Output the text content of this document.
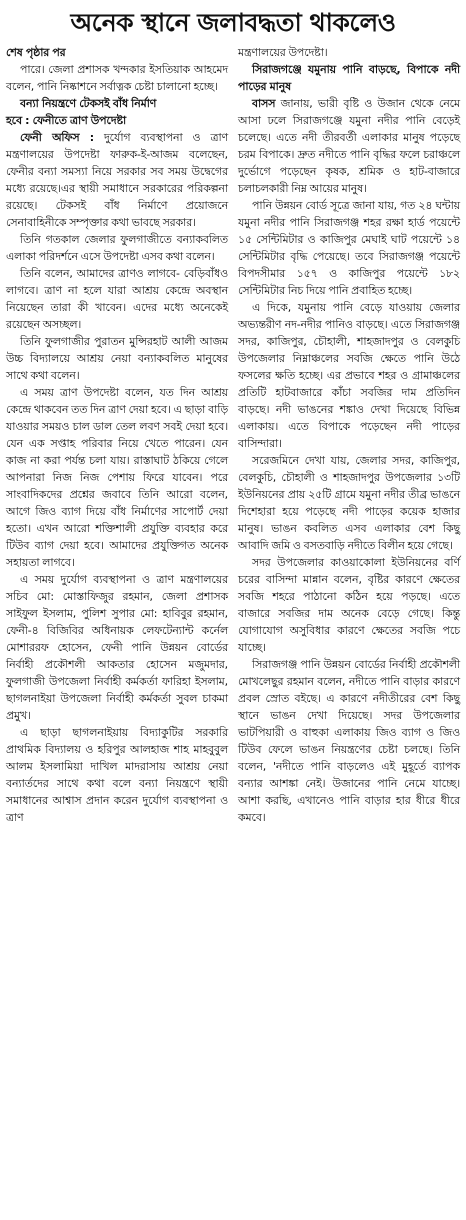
অনেক স্থানে জলাবদ্ধতা থাকলেও

শেষ পৃষ্ঠার পর

পারে। জেলা প্রশাসক খন্দকার ইসতিয়াক আহমেদ বলেন, পানি নিষ্কাশনে সর্বাত্নক চেষ্টা চালানো হচ্ছে।

বন্যা নিয়ন্ত্রণে টেকসই বাঁধ নির্মাণ

হবে : ফেনীতে ত্রাণ উপদেষ্টা

ফেনী অফিস : দুর্যোগ ব্যবস্থাপনা ও ত্রাণ মন্ত্রণালয়ের উপদেষ্টা ফারুক-ই-আজম বলেছেন, ফেনীর বন্যা সমস্যা নিয়ে সরকার সব সময় উদ্বেগের মধ্যে রয়েছে।এর স্থায়ী সমাধানে সরকারের পরিকল্পনা রয়েছে। টেকসই বাঁধ নির্মাণে প্রয়োজনে সেনাবাহিনীকে সম্পৃক্তার কথা ভাবছে সরকার।

তিনি গতকাল জেলার ফুলগাজীতে বন্যাকবলিত এলাকা পরিদর্শনে এসে উপদেষ্টা এসব কথা বলেন।

তিনি বলেন, আমাদের ত্রাণও লাগবে- বেড়িবাঁধও লাগবে। ত্রাণ না হলে যারা আশ্রয় কেন্দ্রে অবস্থান নিয়েছেন তারা কী খাবেন। এদের মধ্যে অনেকেই রয়েছেন অসচ্ছল।

তিনি ফুলগাজীর পুরাতন মুন্সিরহাট আলী আজম উচ্চ বিদ্যালয়ে আশ্রয় নেয়া বন্যাকবলিত মানুষের সাথে কথা বলেন।

এ সময় ত্রাণ উপদেষ্টা বলেন, যত দিন আশ্রয় কেন্দ্রে থাকবেন তত দিন ত্রাণ দেয়া হবে। এ ছাড়া বাড়ি যাওয়ার সময়ও চাল ডাল তেল লবণ সবই দেয়া হবে। যেন এক সপ্তাহ পরিবার নিয়ে খেতে পারেন। যেন কাজ না করা পর্যন্ত চলা যায়। রাস্তাঘাট ঠকিয়ে গেলে আপনারা নিজ নিজ পেশায় ফিরে যাবেন। পরে সাংবাদিকদের প্রশ্নের জবাবে তিনি আরো বলেন, আগে জিও ব্যাগ দিয়ে বাঁধ নির্মাণের সাপোর্ট দেয়া হতো। এখন আরো শক্তিশালী প্রযুক্তি ব্যবহার করে টিউব ব্যাগ দেয়া হবে। আমাদের প্রযুক্তিগত অনেক সহায়তা লাগবে।

এ সময় দুর্যোগ ব্যবস্থাপনা ও ত্রাণ মন্ত্রণালয়ের সচিব মো: মোস্তাফিজুর রহমান, জেলা প্রশাসক সাইফুল ইসলাম, পুলিশ সুপার মো: হাবিবুর রহমান, ফেনী-৪ বিজিবির অধিনায়ক লেফটেন্যান্ট কর্নেল মোশাররফ হোসেন, ফেনী পানি উন্নয়ন বোর্ডের নির্বাহী প্রকৌশলী আকতার হোসেন মজুমদার, ফুলগাজী উপজেলা নির্বাহী কর্মকর্তা ফারিহা ইসলাম, ছাগলনাইয়া উপজেলা নির্বাহী কর্মকর্তা সুবল চাকমা প্রমুখ।

এ ছাড়া ছাগলনাইয়ায় বিদ্যাকুটির সরকারি প্রাথমিক বিদ্যালয় ও হরিপুর আলহাজ শাহ মাহবুবুল আলম ইসলামিয়া দাখিল মাদরাসায় আশ্রয় নেয়া বন্যার্তদের সাথে কথা বলে বন্যা নিয়ন্ত্রণে স্থায়ী সমাধানের আশ্বাস প্রদান করেন দুর্যোগ ব্যবস্থাপনা ও ত্রাণ

মন্ত্রণালয়ের উপদেষ্টা।

সিরাজগঞ্জে যমুনায় পানি বাড়ছে, বিপাকে নদী পাড়ের মানুষ

বাসস জানায়, ভারী বৃষ্টি ও উজান থেকে নেমে আসা ঢলে সিরাজগঞ্জে যমুনা নদীর পানি বেড়েই চলেছে। এতে নদী তীরবর্তী এলাকার মানুষ পড়েছে চরম বিপাকে। দ্রুত নদীতে পানি বৃদ্ধির ফলে চরাঞ্চলে দুর্ভোগে পড়েছেন কৃষক, শ্রমিক ও হাট-বাজারে চলাচলকারী নিম্ন আয়ের মানুষ।

পানি উন্নয়ন বোর্ড সূত্রে জানা যায়, গত ২৪ ঘন্টায় যমুনা নদীর পানি সিরাজগঞ্জ শহর রক্ষা হার্ড পয়েন্টে ১৫ সেন্টিমিটার ও কাজিপুর মেঘাই ঘাট পয়েন্টে ১৪ সেন্টিমিটার বৃদ্ধি পেয়েছে। তবে সিরাজগঞ্জ পয়েন্টে বিপদসীমার ১৫৭ ও কাজিপুর পয়েন্টে ১৮২ সেন্টিমিটার নিচ দিয়ে পানি প্রবাহিত হচ্ছে।

এ দিকে, যমুনায় পানি বেড়ে যাওয়ায় জেলার অভ্যন্তরীণ নদ-নদীর পানিও বাড়ছে। এতে সিরাজগঞ্জ সদর, কাজিপুর, চৌহালী, শাহজাদপুর ও বেলকুচি উপজেলার নিম্নাঞ্চলের সবজি ক্ষেতে পানি উঠে ফসলের ক্ষতি হচ্ছে। এর প্রভাবে শহর ও গ্রামাঞ্চলের প্রতিটি হাটবাজারে কাঁচা সবজির দাম প্রতিদিন বাড়ছে। নদী ভাঙনের শঙ্কাও দেখা দিয়েছে বিভিন্ন এলাকায়। এতে বিপাকে পড়েছেন নদী পাড়ের বাসিন্দারা।

সরেজমিনে দেখা যায়, জেলার সদর, কাজিপুর, বেলকুচি, চৌহালী ও শাহজাদপুর উপজেলার ১৩টি ইউনিয়নের প্রায় ২৫টি গ্রামে যমুনা নদীর তীব্র ভাঙনে দিশেহারা হয়ে পড়েছে নদী পাড়ের কয়েক হাজার মানুষ। ভাঙন কবলিত এসব এলাকার বেশ কিছু আবাদি জমি ও বসতবাড়ি নদীতে বিলীন হয়ে গেছে।

সদর উপজেলার কাওয়াকোলা ইউনিয়নের বর্ণি চরের বাসিন্দা মান্নান বলেন, বৃষ্টির কারণে ক্ষেতের সবজি শহরে পাঠানো কঠিন হয়ে পড়ছে। এতে বাজারে সবজির দাম অনেক বেড়ে গেছে। কিন্তু যোগাযোগ অসুবিধার কারণে ক্ষেতের সবজি পচে যাচ্ছে।

সিরাজগঞ্জ পানি উন্নয়ন বোর্ডের নির্বাহী প্রকৌশলী মোখলেছুর রহমান বলেন, নদীতে পানি বাড়ার কারণে প্রবল স্রোত বইছে। এ কারণে নদীতীরের বেশ কিছু স্থানে ভাঙন দেখা দিয়েছে। সদর উপজেলার ভাটপিয়ারী ও বাহুকা এলাকায় জিও ব্যাগ ও জিও টিউব ফেলে ভাঙন নিয়ন্ত্রণের চেষ্টা চলছে। তিনি বলেন, 'নদীতে পানি বাড়লেও এই মুহূর্তে ব্যাপক বন্যার আশঙ্কা নেই। উজানের পানি নেমে যাচ্ছে। আশা করছি, এখানেও পানি বাড়ার হার ধীরে ধীরে কমবে।
